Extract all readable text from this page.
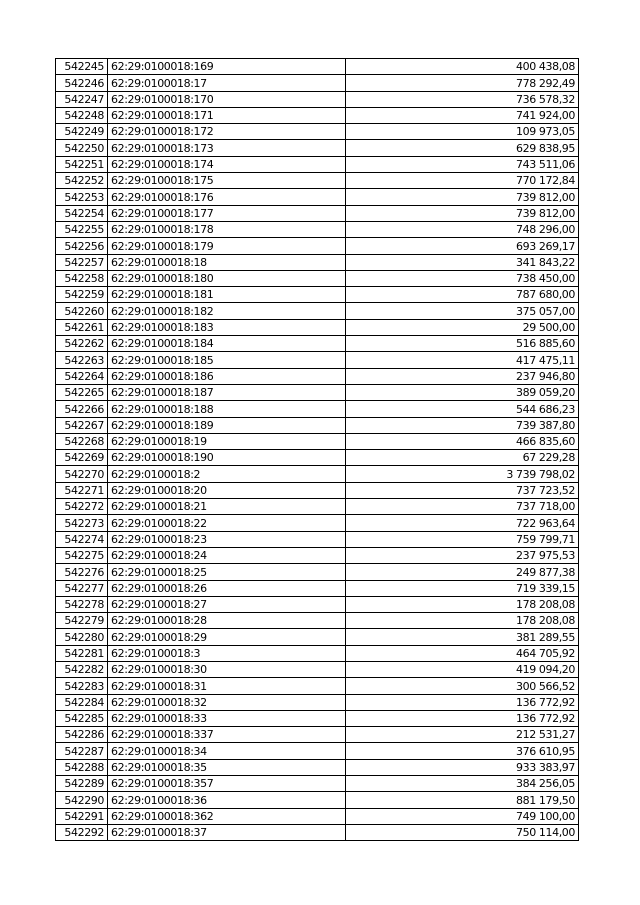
542245	62:29:0100018:169	400 438,08
542246	62:29:0100018:17	778 292,49
542247	62:29:0100018:170	736 578,32
542248	62:29:0100018:171	741 924,00
542249	62:29:0100018:172	109 973,05
542250	62:29:0100018:173	629 838,95
542251	62:29:0100018:174	743 511,06
542252	62:29:0100018:175	770 172,84
542253	62:29:0100018:176	739 812,00
542254	62:29:0100018:177	739 812,00
542255	62:29:0100018:178	748 296,00
542256	62:29:0100018:179	693 269,17
542257	62:29:0100018:18	341 843,22
542258	62:29:0100018:180	738 450,00
542259	62:29:0100018:181	787 680,00
542260	62:29:0100018:182	375 057,00
542261	62:29:0100018:183	29 500,00
542262	62:29:0100018:184	516 885,60
542263	62:29:0100018:185	417 475,11
542264	62:29:0100018:186	237 946,80
542265	62:29:0100018:187	389 059,20
542266	62:29:0100018:188	544 686,23
542267	62:29:0100018:189	739 387,80
542268	62:29:0100018:19	466 835,60
542269	62:29:0100018:190	67 229,28
542270	62:29:0100018:2	3 739 798,02
542271	62:29:0100018:20	737 723,52
542272	62:29:0100018:21	737 718,00
542273	62:29:0100018:22	722 963,64
542274	62:29:0100018:23	759 799,71
542275	62:29:0100018:24	237 975,53
542276	62:29:0100018:25	249 877,38
542277	62:29:0100018:26	719 339,15
542278	62:29:0100018:27	178 208,08
542279	62:29:0100018:28	178 208,08
542280	62:29:0100018:29	381 289,55
542281	62:29:0100018:3	464 705,92
542282	62:29:0100018:30	419 094,20
542283	62:29:0100018:31	300 566,52
542284	62:29:0100018:32	136 772,92
542285	62:29:0100018:33	136 772,92
542286	62:29:0100018:337	212 531,27
542287	62:29:0100018:34	376 610,95
542288	62:29:0100018:35	933 383,97
542289	62:29:0100018:357	384 256,05
542290	62:29:0100018:36	881 179,50
542291	62:29:0100018:362	749 100,00
542292	62:29:0100018:37	750 114,00
